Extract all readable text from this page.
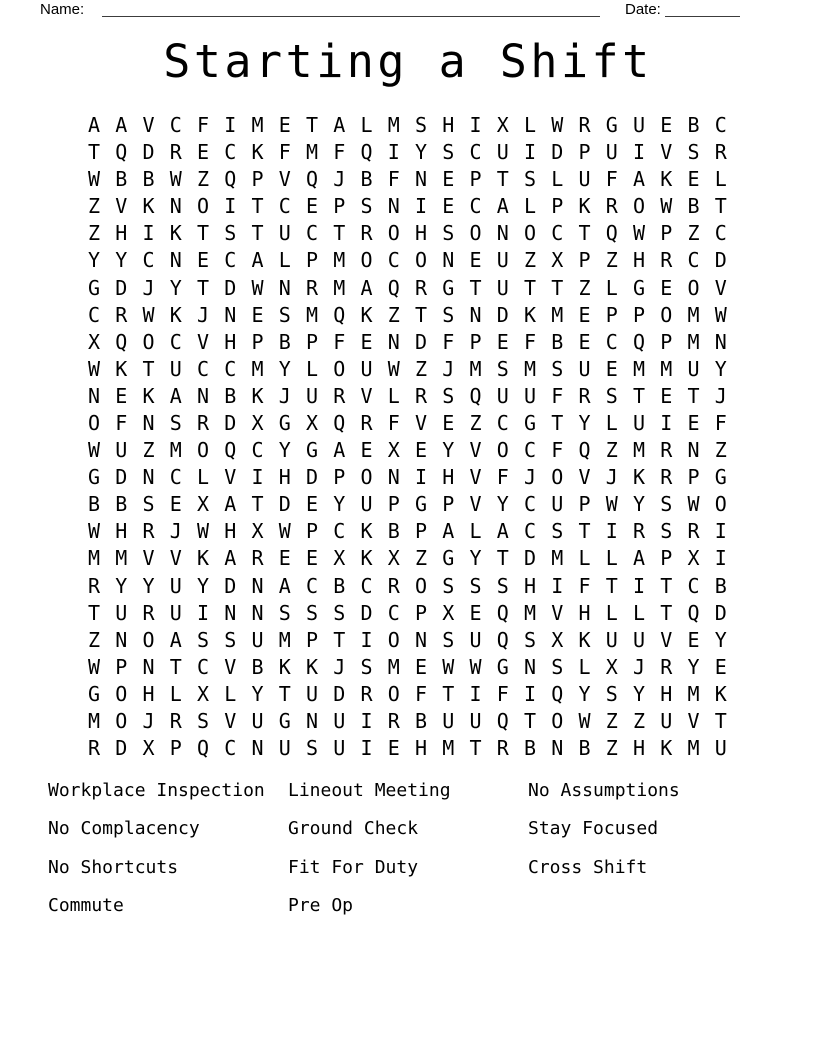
Name:	Date:
Starting a Shift
A A V C F I M E T A L M S H I X L W R G U E B C
T Q D R E C K F M F Q I Y S C U I D P U I V S R
W B B W Z Q P V Q J B F N E P T S L U F A K E L
Z V K N O I T C E P S N I E C A L P K R O W B T
Z H I K T S T U C T R O H S O N O C T Q W P Z C
Y Y C N E C A L P M O C O N E U Z X P Z H R C D
G D J Y T D W N R M A Q R G T U T T Z L G E O V
C R W K J N E S M Q K Z T S N D K M E P P O M W
X Q O C V H P B P F E N D F P E F B E C Q P M N
W K T U C C M Y L O U W Z J M S M S U E M M U Y
N E K A N B K J U R V L R S Q U U F R S T E T J
O F N S R D X G X Q R F V E Z C G T Y L U I E F
W U Z M O Q C Y G A E X E Y V O C F Q Z M R N Z
G D N C L V I H D P O N I H V F J O V J K R P G
B B S E X A T D E Y U P G P V Y C U P W Y S W O
W H R J W H X W P C K B P A L A C S T I R S R I
M M V V K A R E E X K X Z G Y T D M L L A P X I
R Y Y U Y D N A C B C R O S S S H I F T I T C B
T U R U I N N S S S D C P X E Q M V H L L T Q D
Z N O A S S U M P T I O N S U Q S X K U U V E Y
W P N T C V B K K J S M E W W G N S L X J R Y E
G O H L X L Y T U D R O F T I F I Q Y S Y H M K
M O J R S V U G N U I R B U U Q T O W Z Z U V T
R D X P Q C N U S U I E H M T R B N B Z H K M U
Workplace Inspection
No Complacency
No Shortcuts
Commute
Lineout Meeting
Ground Check
Fit For Duty
Pre Op
No Assumptions
Stay Focused
Cross Shift
